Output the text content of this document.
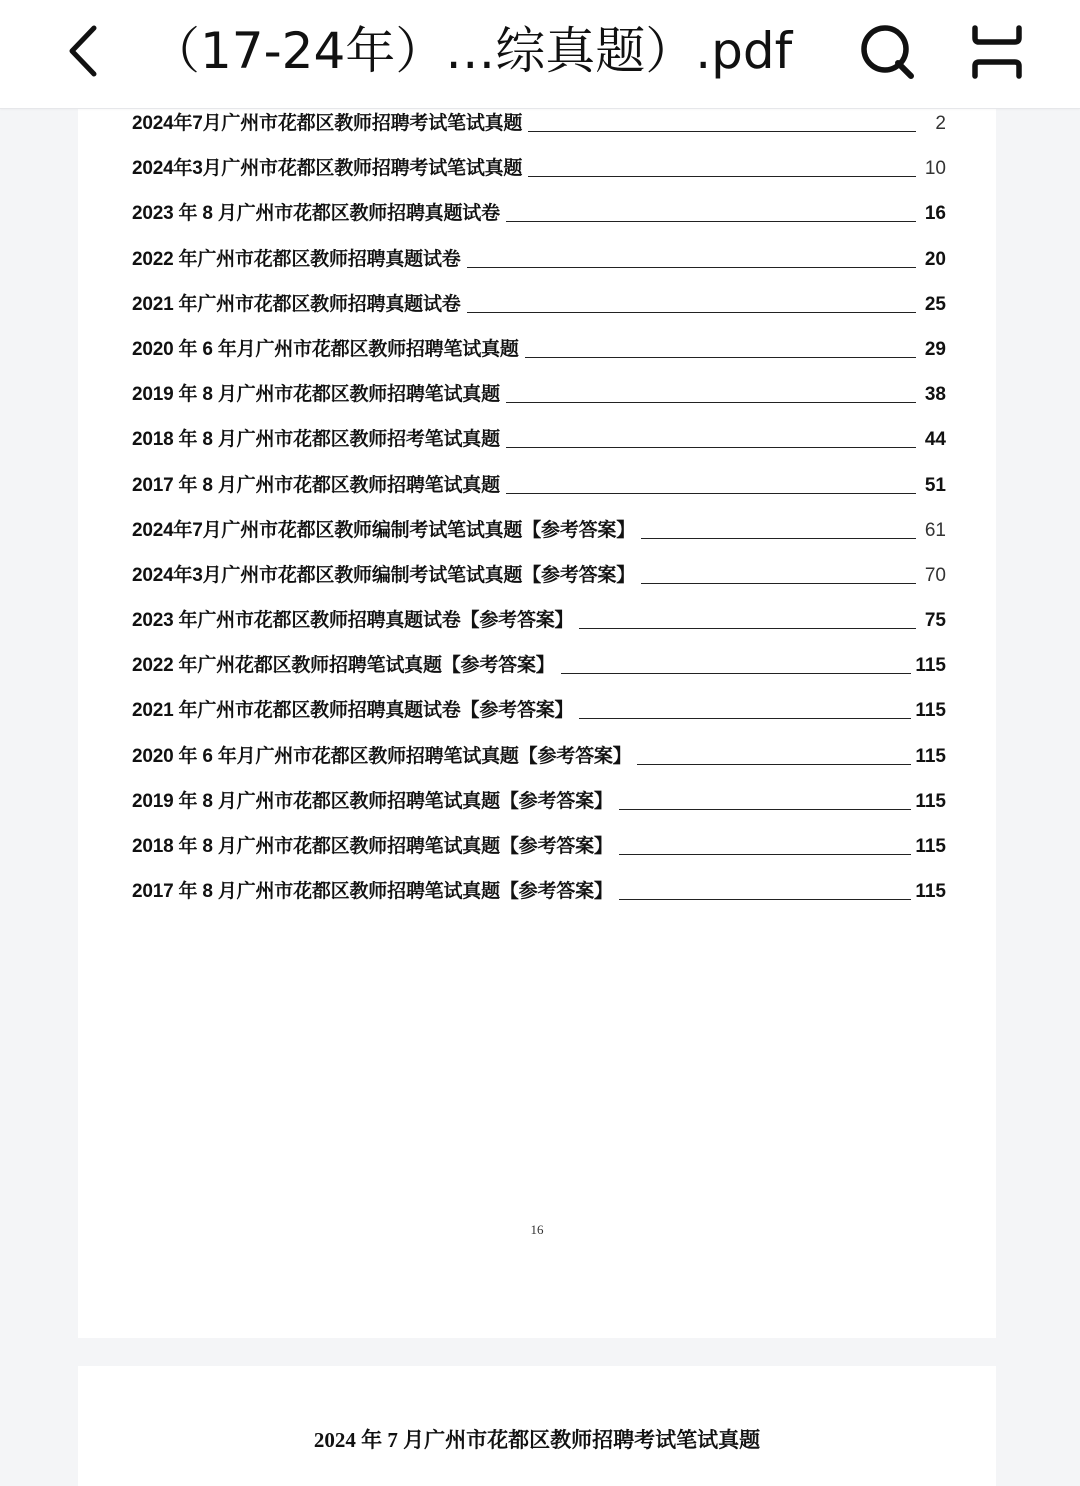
（17-24年）…综真题）.pdf
2024年7月广州市花都区教师招聘考试笔试真题	2
2024年3月广州市花都区教师招聘考试笔试真题	10
2023 年 8 月广州市花都区教师招聘真题试卷	16
2022 年广州市花都区教师招聘真题试卷	20
2021 年广州市花都区教师招聘真题试卷	25
2020 年 6 年月广州市花都区教师招聘笔试真题	29
2019 年 8 月广州市花都区教师招聘笔试真题	38
2018 年 8 月广州市花都区教师招考笔试真题	44
2017 年 8 月广州市花都区教师招聘笔试真题	51
2024年7月广州市花都区教师编制考试笔试真题【参考答案】	61
2024年3月广州市花都区教师编制考试笔试真题【参考答案】	70
2023 年广州市花都区教师招聘真题试卷【参考答案】	75
2022 年广州花都区教师招聘笔试真题【参考答案】	115
2021 年广州市花都区教师招聘真题试卷【参考答案】	115
2020 年 6 年月广州市花都区教师招聘笔试真题【参考答案】	115
2019 年 8 月广州市花都区教师招聘笔试真题【参考答案】	115
2018 年 8 月广州市花都区教师招聘笔试真题【参考答案】	115
2017 年 8 月广州市花都区教师招聘笔试真题【参考答案】	115
16
2024 年 7 月广州市花都区教师招聘考试笔试真题
